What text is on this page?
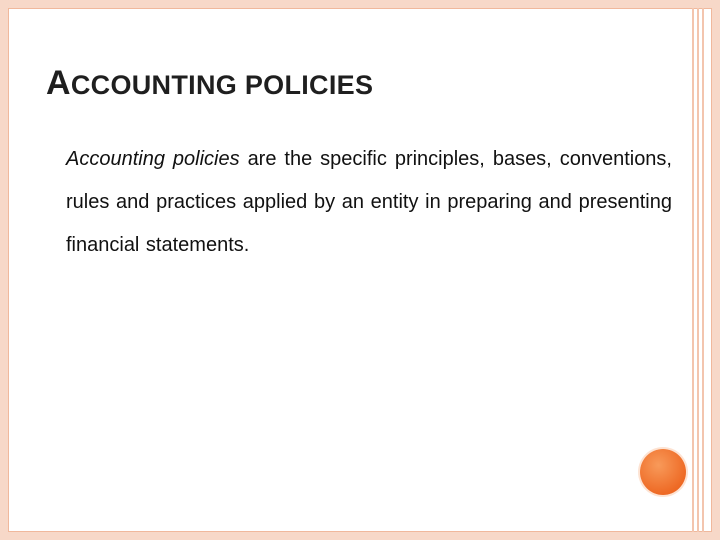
ACCOUNTING POLICIES
Accounting policies are the specific principles, bases, conventions, rules and practices applied by an entity in preparing and presenting financial statements.
